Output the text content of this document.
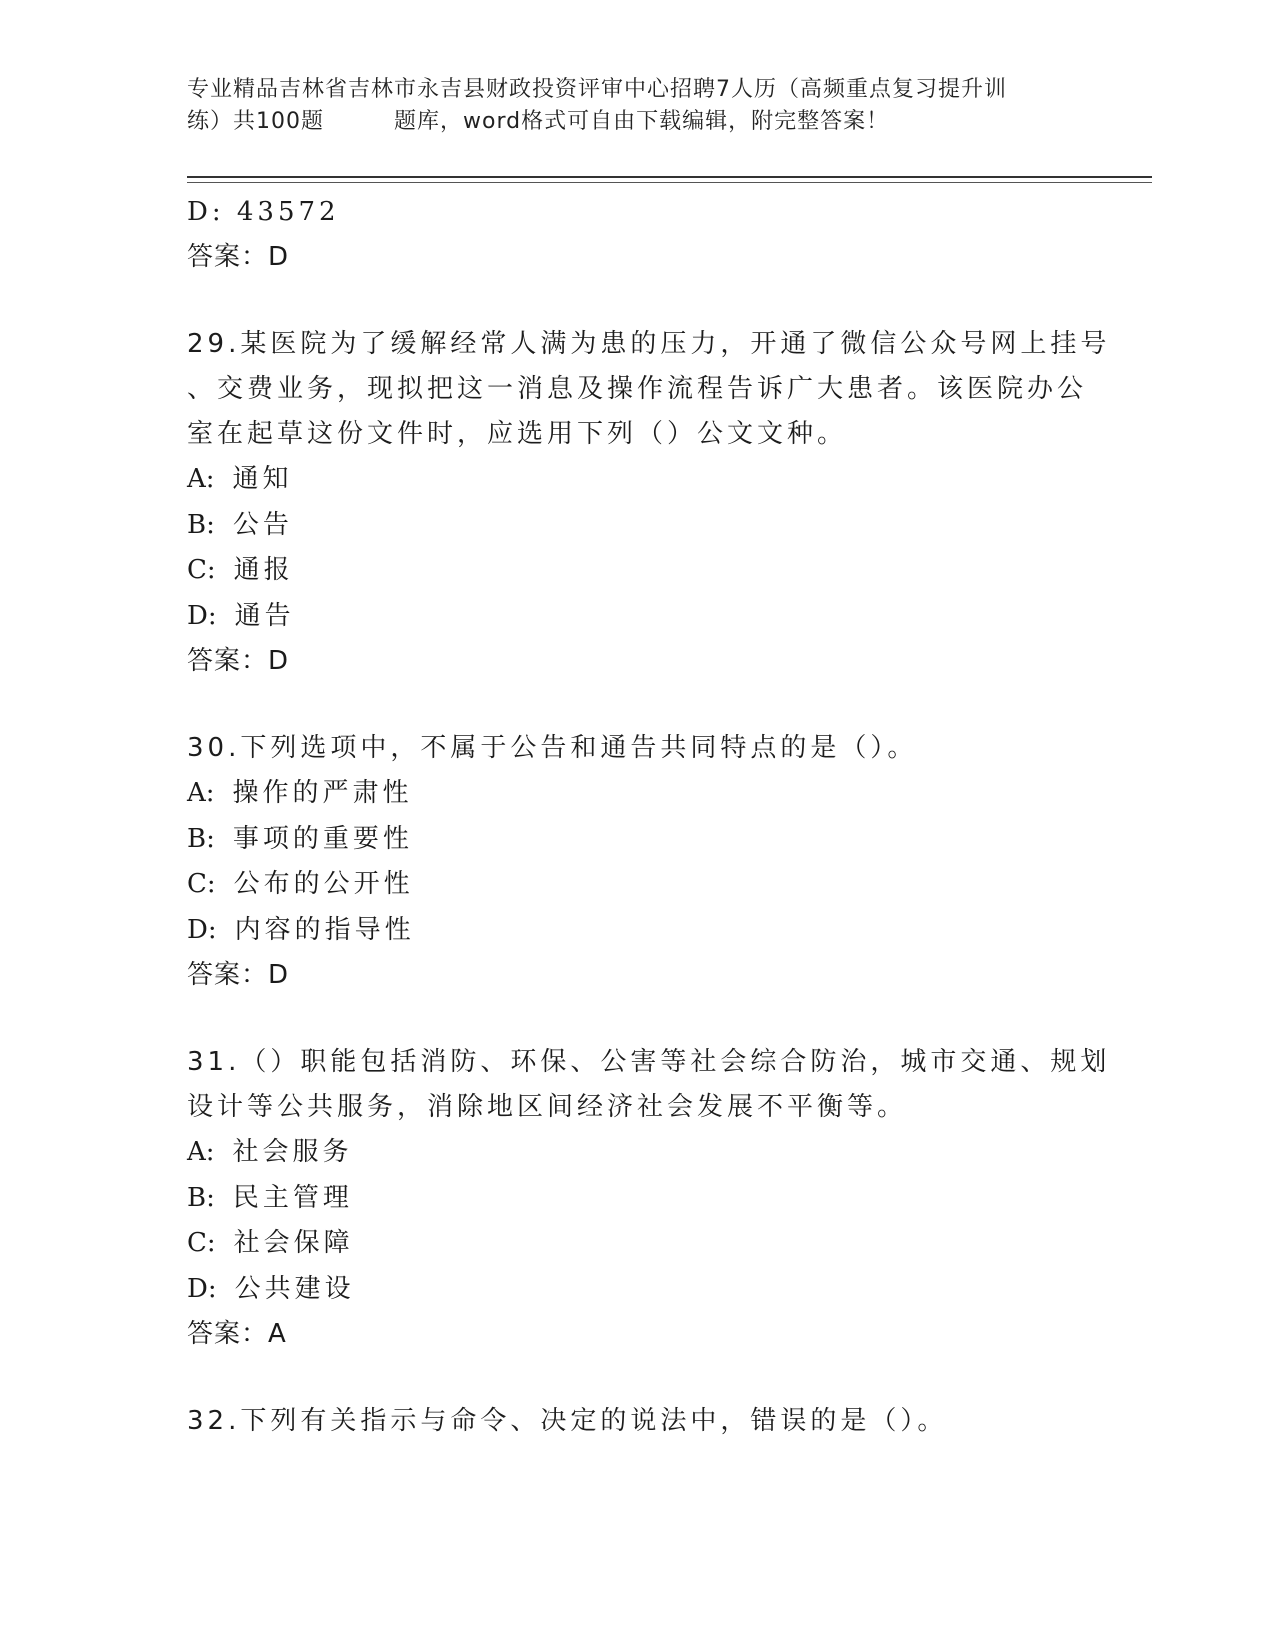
专业精品吉林省吉林市永吉县财政投资评审中心招聘7人历（高频重点复习提升训
练）共100题	题库，word格式可自由下载编辑，附完整答案！
D: 43572
答案：D
29.某医院为了缓解经常人满为患的压力，开通了微信公众号网上挂号
、交费业务，现拟把这一消息及操作流程告诉广大患者。该医院办公
室在起草这份文件时，应选用下列（）公文文种。
A: 通知
B: 公告
C: 通报
D: 通告
答案：D
30.下列选项中，不属于公告和通告共同特点的是（）。
A: 操作的严肃性
B: 事项的重要性
C: 公布的公开性
D: 内容的指导性
答案：D
31.（）职能包括消防、环保、公害等社会综合防治，城市交通、规划
设计等公共服务，消除地区间经济社会发展不平衡等。
A: 社会服务
B: 民主管理
C: 社会保障
D: 公共建设
答案：A
32.下列有关指示与命令、决定的说法中，错误的是（）。
